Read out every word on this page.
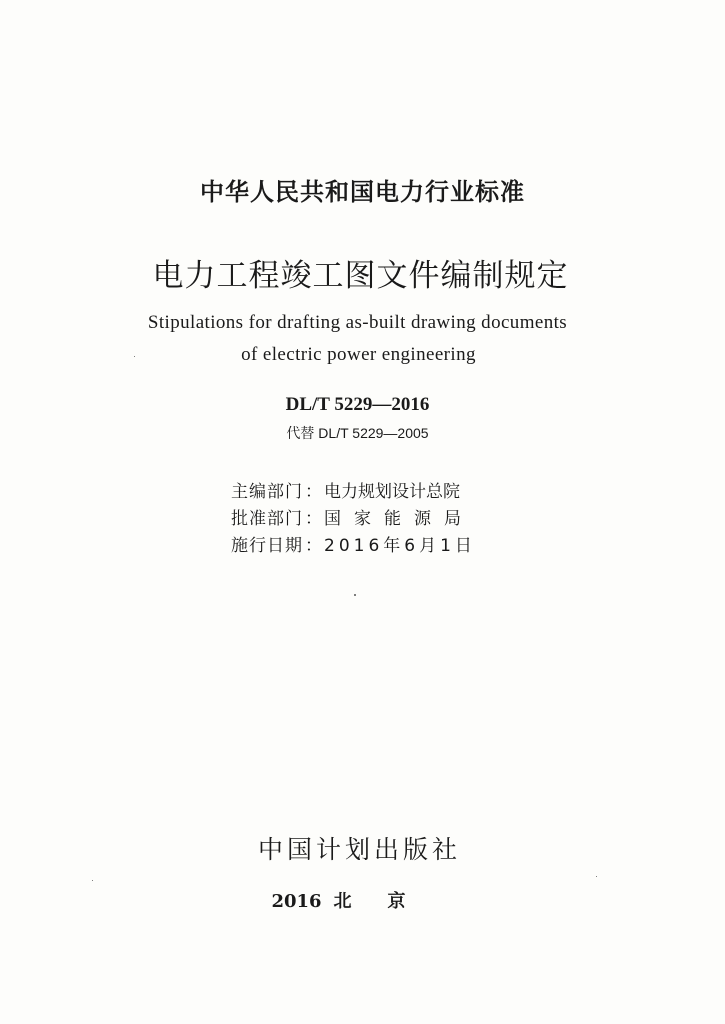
中华人民共和国电力行业标准
电力工程竣工图文件编制规定
Stipulations for drafting as-built drawing documents
of electric power engineering
DL/T 5229—2016
代替 DL/T 5229—2005
主编部门 ： 电力规划设计总院
批准部门 ： 国家能源局
施行日期 ： 2016年6月1日
中国计划出版社
2016 北京
